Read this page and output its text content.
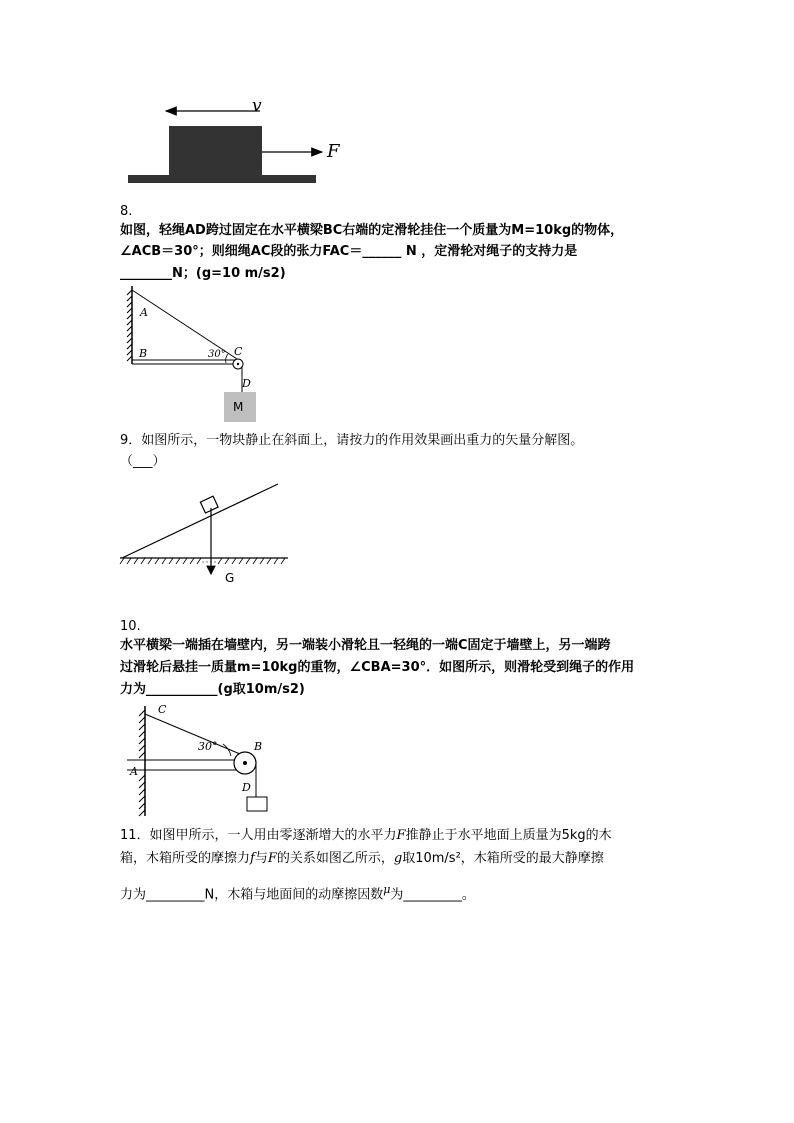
v
F
8.
如图，轻绳AD跨过固定在水平横梁BC右端的定滑轮挂住一个质量为M=10kg的物体，
∠ACB＝30°；则细绳AC段的张力FAC＝______ N ，定滑轮对绳子的支持力是
________N；(g=10 m/s2)
A
B	30° C
D
M
9．如图所示，一物块静止在斜面上，请按力的作用效果画出重力的矢量分解图。
（___）
G
10.
水平横梁一端插在墙壁内，另一端装小滑轮且一轻绳的一端C固定于墙壁上，另一端跨
过滑轮后悬挂一质量m=10kg的重物，∠CBA=30°．如图所示，则滑轮受到绳子的作用
力为___________(g取10m/s2)
C
30°	B
A
D
11．如图甲所示，一人用由零逐渐增大的水平力F推静止于水平地面上质量为5kg的木
箱，木箱所受的摩擦力f与F的关系如图乙所示，g取10m/s²，木箱所受的最大静摩擦
力为_________N，木箱与地面间的动摩擦因数$^\mu$为_________。
